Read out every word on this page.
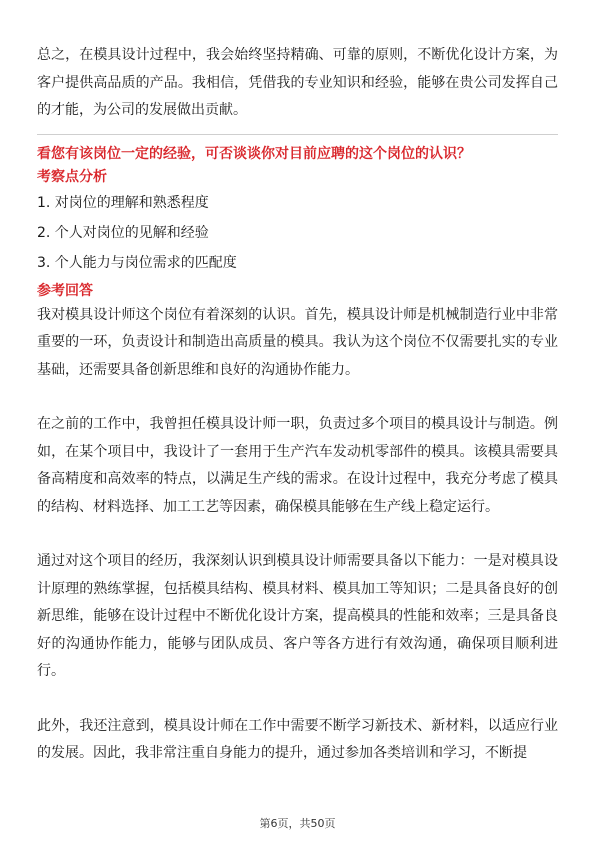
总之，在模具设计过程中，我会始终坚持精确、可靠的原则，不断优化设计方案，为客户提供高品质的产品。我相信，凭借我的专业知识和经验，能够在贵公司发挥自己的才能，为公司的发展做出贡献。

看您有该岗位一定的经验，可否谈谈你对目前应聘的这个岗位的认识？

考察点分析

1. 对岗位的理解和熟悉程度

2. 个人对岗位的见解和经验

3. 个人能力与岗位需求的匹配度

参考回答

我对模具设计师这个岗位有着深刻的认识。首先，模具设计师是机械制造行业中非常重要的一环，负责设计和制造出高质量的模具。我认为这个岗位不仅需要扎实的专业基础，还需要具备创新思维和良好的沟通协作能力。

在之前的工作中，我曾担任模具设计师一职，负责过多个项目的模具设计与制造。例如，在某个项目中，我设计了一套用于生产汽车发动机零部件的模具。该模具需要具备高精度和高效率的特点，以满足生产线的需求。在设计过程中，我充分考虑了模具的结构、材料选择、加工工艺等因素，确保模具能够在生产线上稳定运行。

通过对这个项目的经历，我深刻认识到模具设计师需要具备以下能力：一是对模具设计原理的熟练掌握，包括模具结构、模具材料、模具加工等知识；二是具备良好的创新思维，能够在设计过程中不断优化设计方案，提高模具的性能和效率；三是具备良好的沟通协作能力，能够与团队成员、客户等各方进行有效沟通，确保项目顺利进行。

此外，我还注意到，模具设计师在工作中需要不断学习新技术、新材料，以适应行业的发展。因此，我非常注重自身能力的提升，通过参加各类培训和学习，不断提

第6页，共50页
